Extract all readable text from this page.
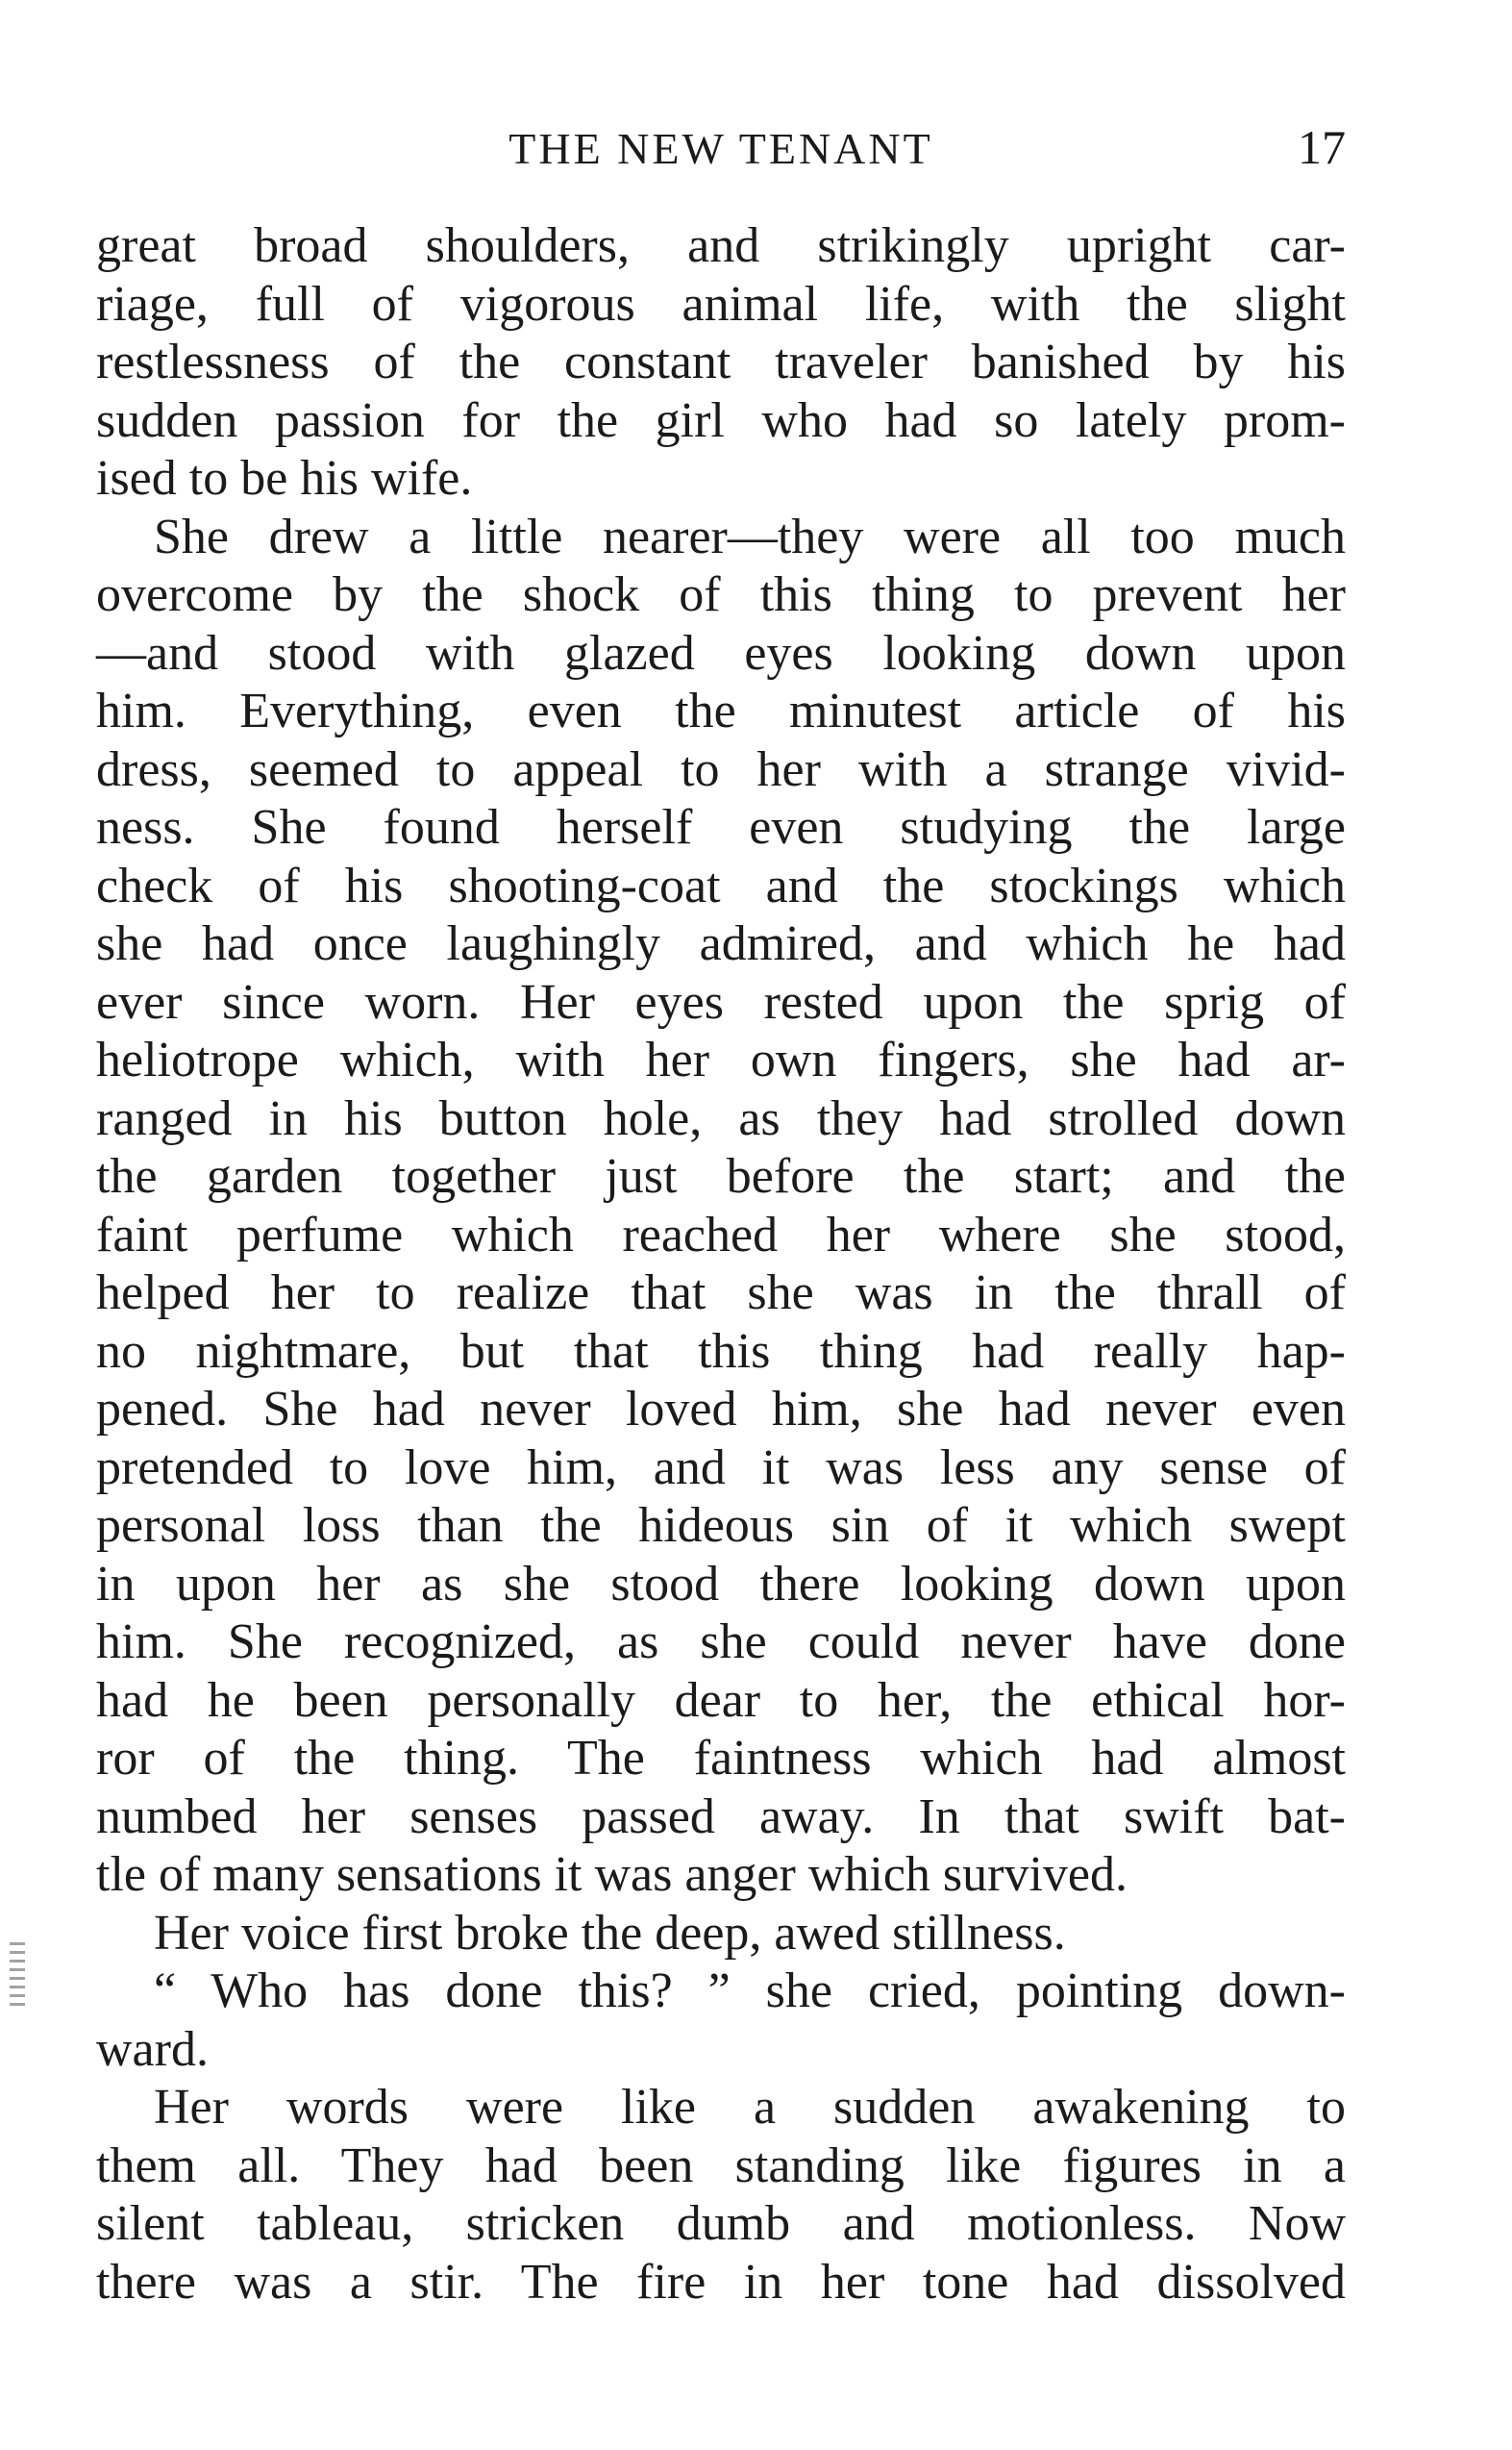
THE NEW TENANT	17
great broad shoulders, and strikingly upright car-
riage, full of vigorous animal life, with the slight
restlessness of the constant traveler banished by his
sudden passion for the girl who had so lately prom-
ised to be his wife.
She drew a little nearer—they were all too much
overcome by the shock of this thing to prevent her
—and stood with glazed eyes looking down upon
him. Everything, even the minutest article of his
dress, seemed to appeal to her with a strange vivid-
ness. She found herself even studying the large
check of his shooting-coat and the stockings which
she had once laughingly admired, and which he had
ever since worn. Her eyes rested upon the sprig of
heliotrope which, with her own fingers, she had ar-
ranged in his button hole, as they had strolled down
the garden together just before the start; and the
faint perfume which reached her where she stood,
helped her to realize that she was in the thrall of
no nightmare, but that this thing had really hap-
pened. She had never loved him, she had never even
pretended to love him, and it was less any sense of
personal loss than the hideous sin of it which swept
in upon her as she stood there looking down upon
him. She recognized, as she could never have done
had he been personally dear to her, the ethical hor-
ror of the thing. The faintness which had almost
numbed her senses passed away. In that swift bat-
tle of many sensations it was anger which survived.
Her voice first broke the deep, awed stillness.
“ Who has done this? ” she cried, pointing down-
ward.
Her words were like a sudden awakening to
them all. They had been standing like figures in a
silent tableau, stricken dumb and motionless. Now
there was a stir. The fire in her tone had dissolved
